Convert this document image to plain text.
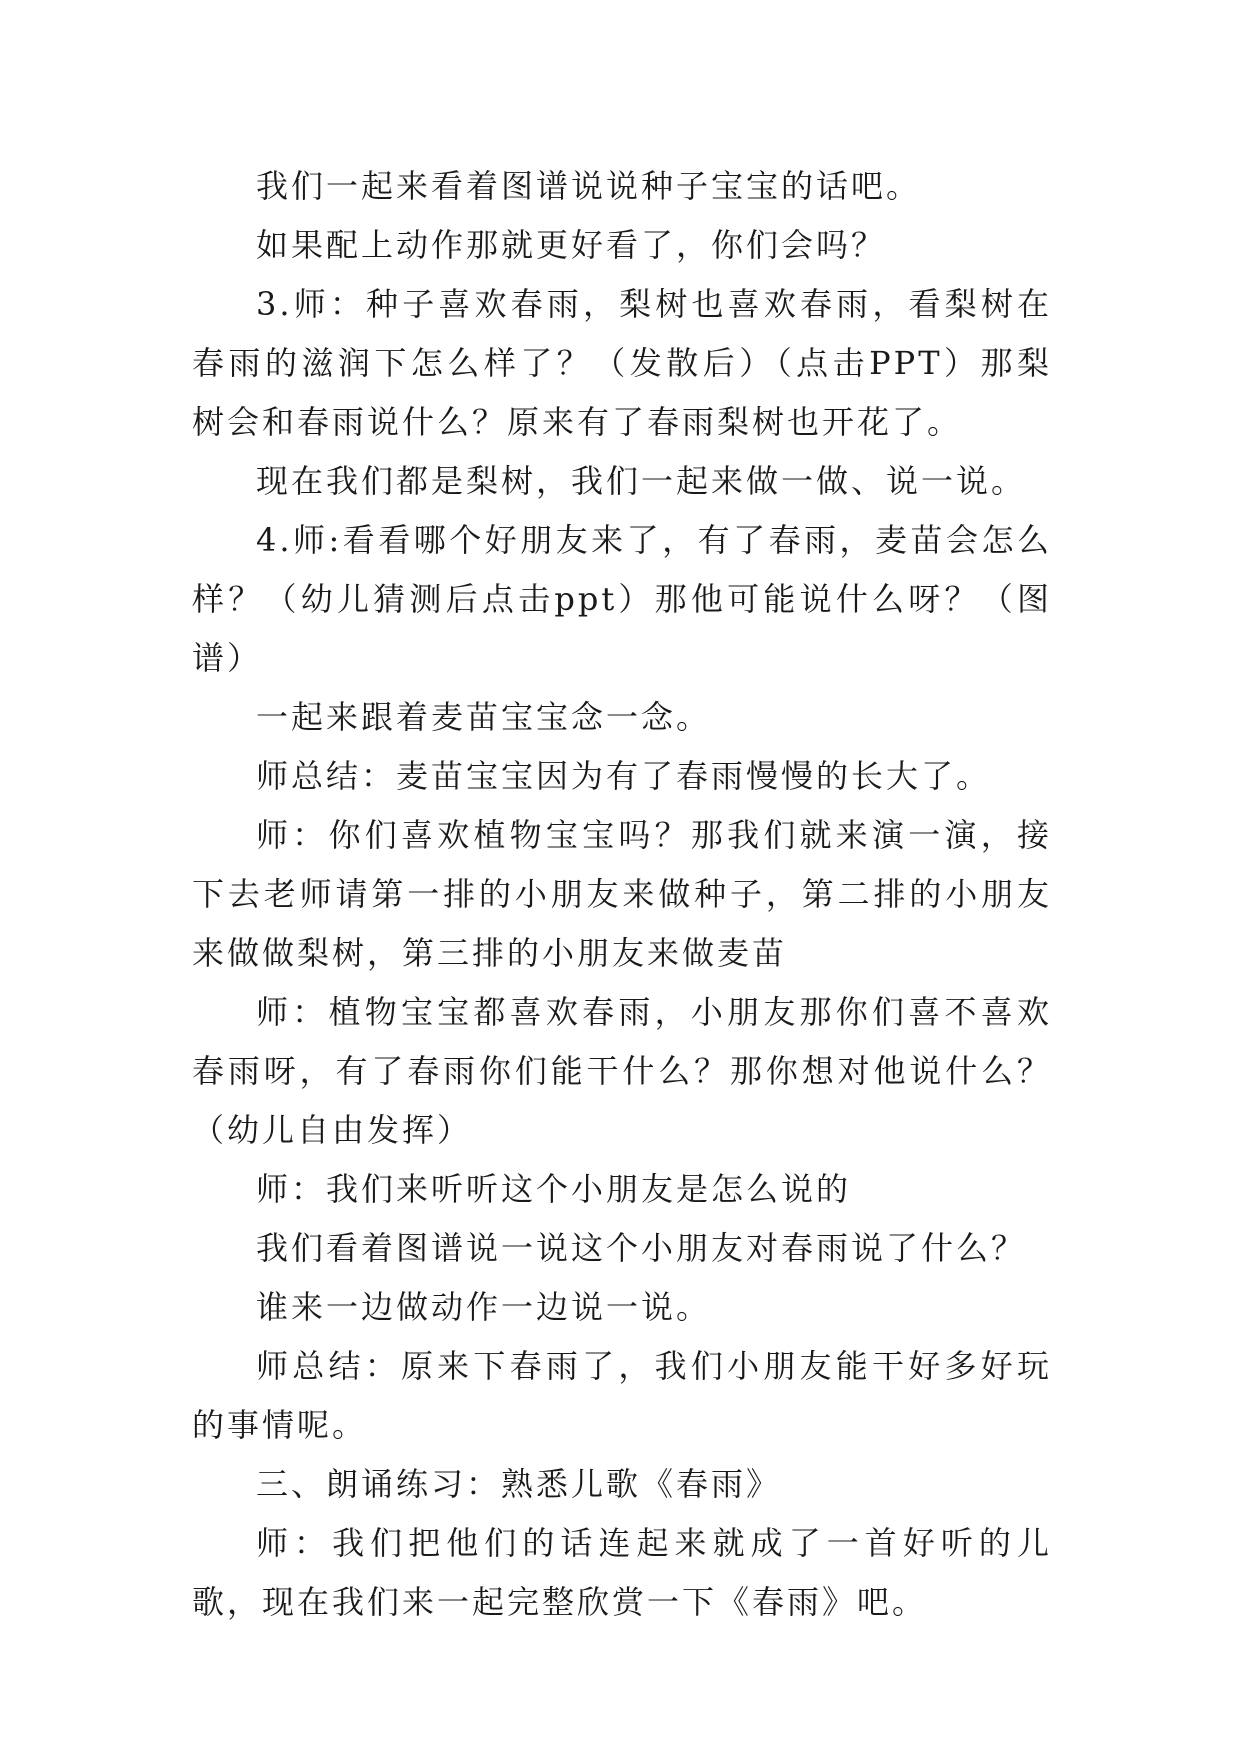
我们一起来看着图谱说说种子宝宝的话吧。

如果配上动作那就更好看了，你们会吗？

3.师：种子喜欢春雨，梨树也喜欢春雨，看梨树在春雨的滋润下怎么样了？（发散后）（点击PPT）那梨树会和春雨说什么？原来有了春雨梨树也开花了。

现在我们都是梨树，我们一起来做一做、说一说。

4.师:看看哪个好朋友来了，有了春雨，麦苗会怎么样？（幼儿猜测后点击ppt）那他可能说什么呀？（图谱）

一起来跟着麦苗宝宝念一念。

师总结：麦苗宝宝因为有了春雨慢慢的长大了。

师：你们喜欢植物宝宝吗？那我们就来演一演，接下去老师请第一排的小朋友来做种子，第二排的小朋友来做做梨树，第三排的小朋友来做麦苗

师：植物宝宝都喜欢春雨，小朋友那你们喜不喜欢春雨呀，有了春雨你们能干什么？那你想对他说什么？（幼儿自由发挥）

师：我们来听听这个小朋友是怎么说的

我们看着图谱说一说这个小朋友对春雨说了什么？

谁来一边做动作一边说一说。

师总结：原来下春雨了，我们小朋友能干好多好玩的事情呢。

三、朗诵练习：熟悉儿歌《春雨》

师：我们把他们的话连起来就成了一首好听的儿歌，现在我们来一起完整欣赏一下《春雨》吧。
